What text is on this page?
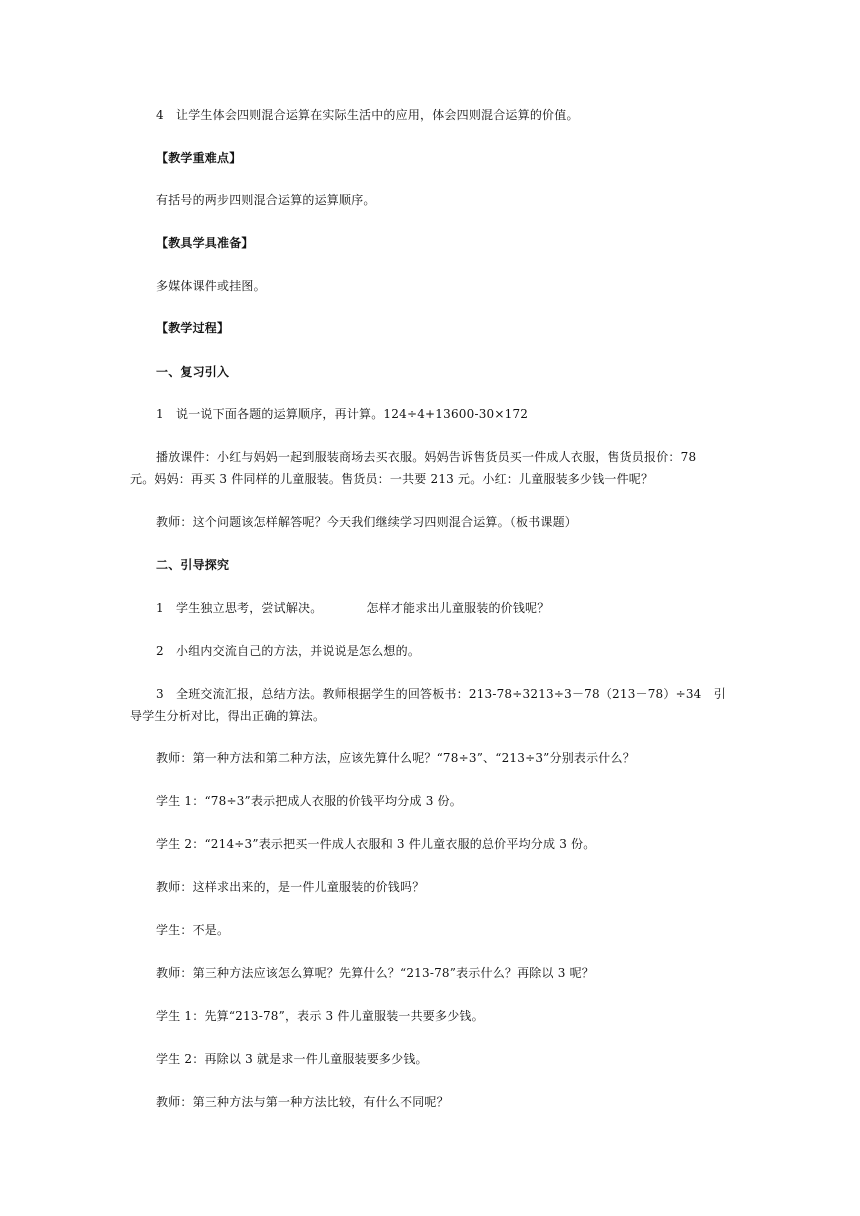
4　让学生体会四则混合运算在实际生活中的应用，体会四则混合运算的价值。
【教学重难点】
有括号的两步四则混合运算的运算顺序。
【教具学具准备】
多媒体课件或挂图。
【教学过程】
一、复习引入
1　说一说下面各题的运算顺序，再计算。124÷4+13600-30×172
播放课件：小红与妈妈一起到服装商场去买衣服。妈妈告诉售货员买一件成人衣服，售货员报价：78
元。妈妈：再买 3 件同样的儿童服装。售货员：一共要 213 元。小红：儿童服装多少钱一件呢？
教师：这个问题该怎样解答呢？今天我们继续学习四则混合运算。（板书课题）
二、引导探究
1　学生独立思考，尝试解决。	怎样才能求出儿童服装的价钱呢？
2　小组内交流自己的方法，并说说是怎么想的。
3　全班交流汇报，总结方法。教师根据学生的回答板书：213-78÷3213÷3－78（213－78）÷34　引
导学生分析对比，得出正确的算法。
教师：第一种方法和第二种方法，应该先算什么呢？“78÷3”、“213÷3”分别表示什么？
学生 1：“78÷3”表示把成人衣服的价钱平均分成 3 份。
学生 2：“214÷3”表示把买一件成人衣服和 3 件儿童衣服的总价平均分成 3 份。
教师：这样求出来的，是一件儿童服装的价钱吗？
学生：不是。
教师：第三种方法应该怎么算呢？先算什么？“213-78”表示什么？再除以 3 呢？
学生 1：先算“213-78”，表示 3 件儿童服装一共要多少钱。
学生 2：再除以 3 就是求一件儿童服装要多少钱。
教师：第三种方法与第一种方法比较，有什么不同呢？
